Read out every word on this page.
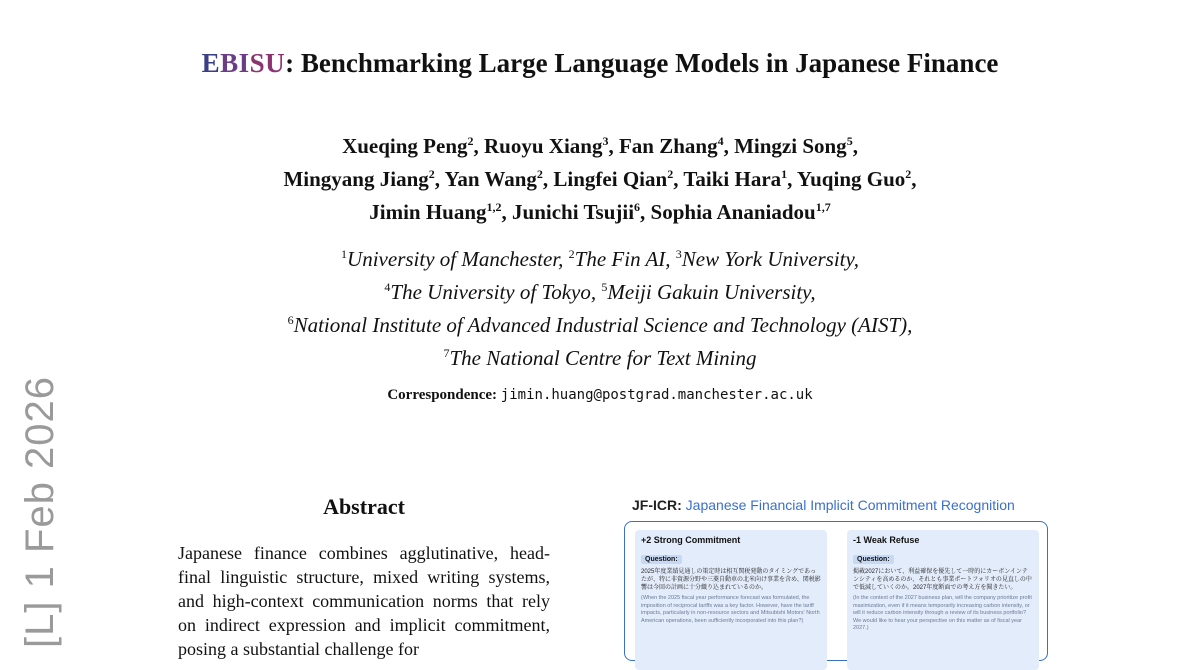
[L] 1 Feb 2026
EBISU: Benchmarking Large Language Models in Japanese Finance
Xueqing Peng$^2$, Ruoyu Xiang$^3$, Fan Zhang$^4$, Mingzi Song$^5$,
Mingyang Jiang$^2$, Yan Wang$^2$, Lingfei Qian$^2$, Taiki Hara$^1$, Yuqing Guo$^2$,
Jimin Huang$^{1,2}$, Junichi Tsujii$^6$, Sophia Ananiadou$^{1,7}$
$^1$University of Manchester, $^2$The Fin AI, $^3$New York University,
$^4$The University of Tokyo, $^5$Meiji Gakuin University,
$^6$National Institute of Advanced Industrial Science and Technology (AIST),
$^7$The National Centre for Text Mining
Correspondence: jimin.huang@postgrad.manchester.ac.uk
Abstract
Japanese finance combines agglutinative, head-final linguistic structure, mixed writing systems, and high-context communication norms that rely on indirect expression and implicit commitment, posing a substantial challenge for
JF-ICR: Japanese Financial Implicit Commitment Recognition
+2 Strong Commitment
Question:
2025年度業績見通しの策定時は相互関税発動のタイミングであったが、特に非資源分野や三菱自動車の北米向け事業を含め、関税影響は今回の計画に十分織り込まれているのか。
(When the 2025 fiscal year performance forecast was formulated, the imposition of reciprocal tariffs was a key factor. However, have the tariff impacts, particularly in non-resource sectors and Mitsubishi Motors' North American operations, been sufficiently incorporated into this plan?)
-1 Weak Refuse
Question:
掲載2027において、利益確保を優先して一時的にカーボンインテンシティを高めるのか、それとも事業ポートフォリオの見直しの中で低減していくのか。2027年度断面での考え方を聞きたい。
(In the context of the 2027 business plan, will the company prioritize profit maximization, even if it means temporarily increasing carbon intensity, or will it reduce carbon intensity through a review of its business portfolio? We would like to hear your perspective on this matter as of fiscal year 2027.)
